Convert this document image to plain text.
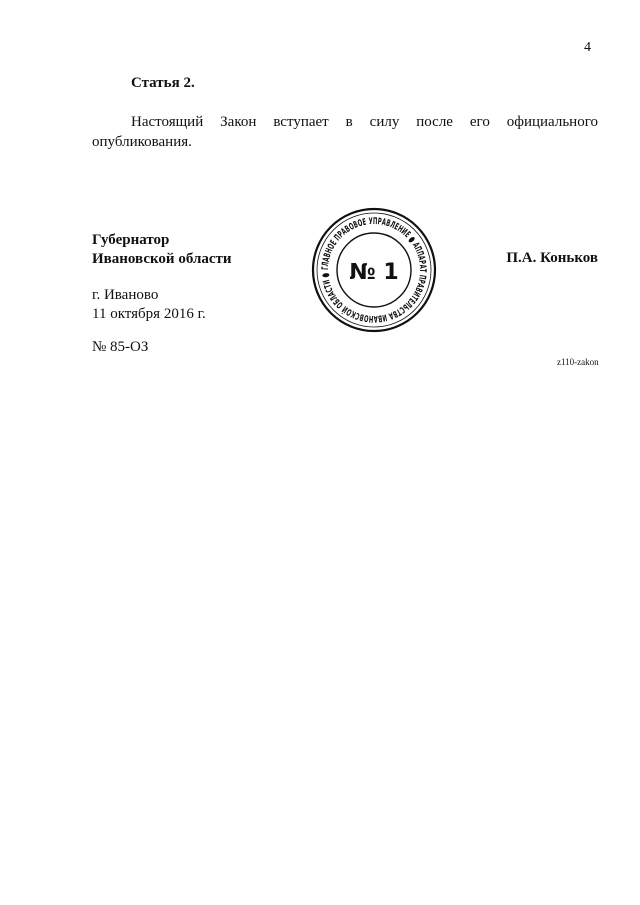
4
Статья 2.
Настоящий Закон вступает в силу после его официального
опубликования.
Губернатор
Ивановской области	П.А. Коньков
г. Иваново
11 октября 2016 г.
№ 85-ОЗ
z110-zakon
ГЛАВНОЕ ПРАВОВОЕ УПРАВЛЕНИЕ ● АППАРАТ ПРАВИТЕЛЬСТВА ИВАНОВСКОЙ ОБЛАСТИ ● № 1
